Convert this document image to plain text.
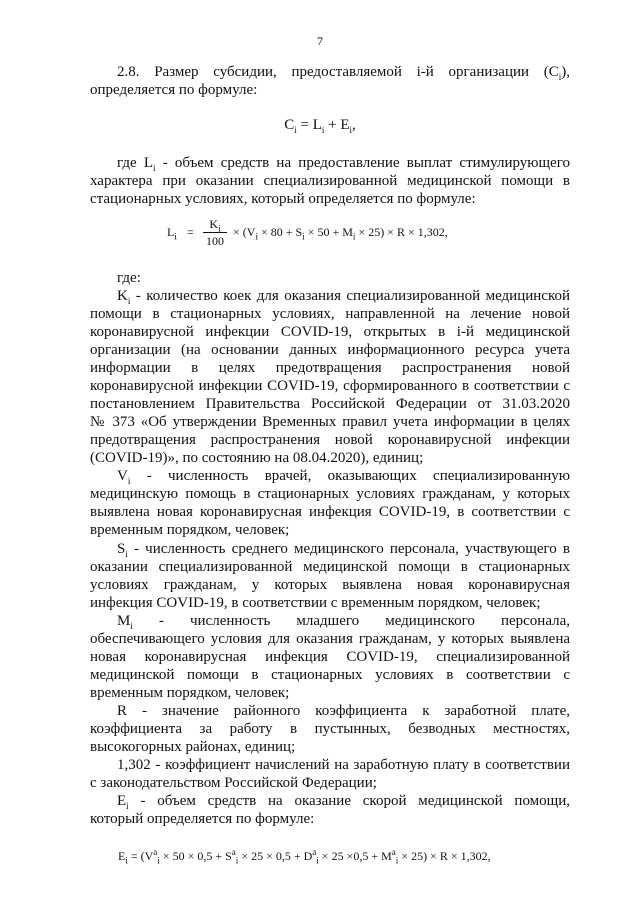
7
2.8. Размер субсидии, предоставляемой i-й организации $(C_i)$,
определяется по формуле:
$C_i = L_i + E_i$,
где $L_i$ - объем средств на предоставление выплат стимулирующего
характера при оказании специализированной медицинской помощи в
стационарных условиях, который определяется по формуле:
$L_i$ =
$K_i$
100
× $(V_i \times 80 + S_i \times 50 + M_i \times 25) \times R \times 1,302$,
где:
$K_i$ - количество коек для оказания специализированной медицинской
помощи в стационарных условиях, направленной на лечение новой
коронавирусной инфекции COVID-19, открытых в i-й медицинской
организации (на основании данных информационного ресурса учета
информации в целях предотвращения распространения новой
коронавирусной инфекции COVID-19, сформированного в соответствии с
постановлением Правительства Российской Федерации от 31.03.2020
№ 373 «Об утверждении Временных правил учета информации в целях
предотвращения распространения новой коронавирусной инфекции
(COVID-19)», по состоянию на 08.04.2020), единиц;
$V_i$ - численность врачей, оказывающих специализированную
медицинскую помощь в стационарных условиях гражданам, у которых
выявлена новая коронавирусная инфекция COVID-19, в соответствии с
временным порядком, человек;
$S_i$ - численность среднего медицинского персонала, участвующего в
оказании специализированной медицинской помощи в стационарных
условиях гражданам, у которых выявлена новая коронавирусная
инфекция COVID-19, в соответствии с временным порядком, человек;
$M_i$ - численность младшего медицинского персонала,
обеспечивающего условия для оказания гражданам, у которых выявлена
новая коронавирусная инфекция COVID-19, специализированной
медицинской помощи в стационарных условиях в соответствии с
временным порядком, человек;
R - значение районного коэффициента к заработной плате,
коэффициента за работу в пустынных, безводных местностях,
высокогорных районах, единиц;
1,302 - коэффициент начислений на заработную плату в соответствии
с законодательством Российской Федерации;
$E_i$ - объем средств на оказание скорой медицинской помощи,
который определяется по формуле:
$E_i = (V^a_i \times 50 \times 0,5 + S^a_i \times 25 \times 0,5 + D^a_i \times 25 \times 0,5 + M^a_i \times 25) \times R \times 1,302$,
